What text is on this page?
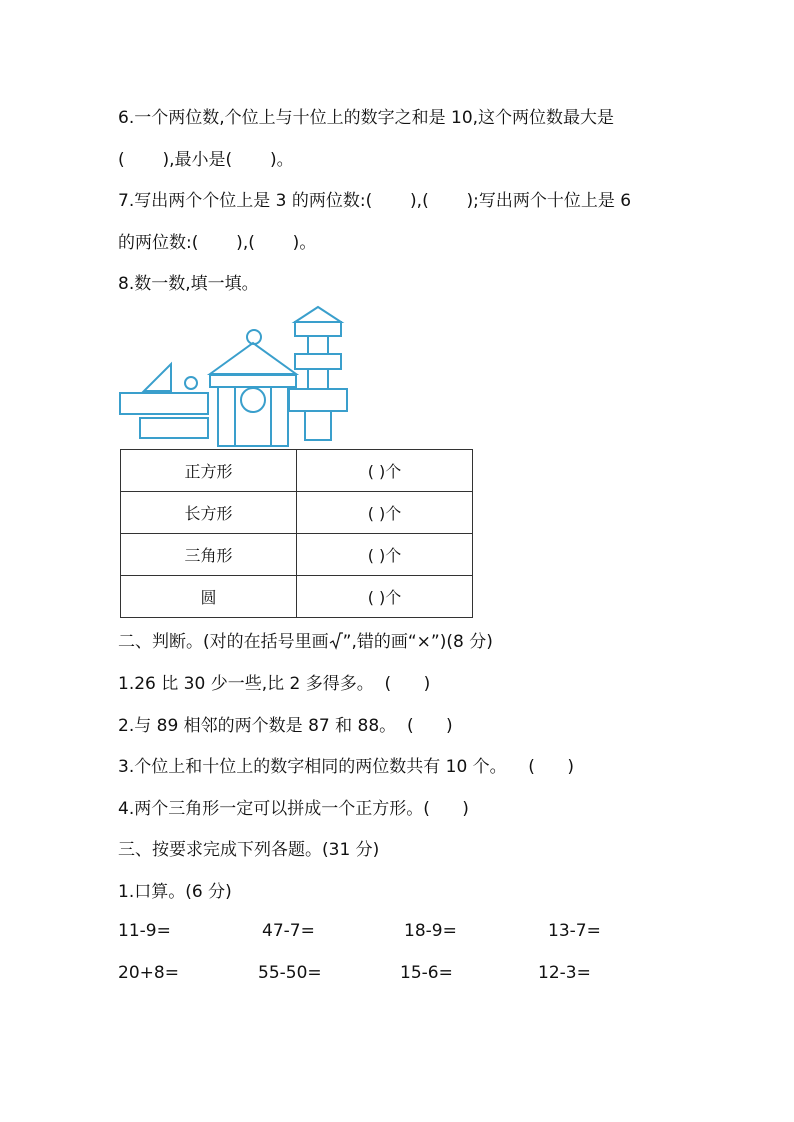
6.一个两位数,个位上与十位上的数字之和是 10,这个两位数最大是
(       ),最小是(       )。
7.写出两个个位上是 3 的两位数:(       ),(       );写出两个十位上是 6
的两位数:(       ),(       )。
8.数一数,填一填。
正方形	( )个
长方形	( )个
三角形	( )个
圆	( )个
二、判断。(对的在括号里画 ”,错的画“×”)(8 分)
1.26 比 30 少一些,比 2 多得多。  (      )
2.与 89 相邻的两个数是 87 和 88。  (      )
3.个位上和十位上的数字相同的两位数共有 10 个。    (      )
4.两个三角形一定可以拼成一个正方形。(      )
三、按要求完成下列各题。(31 分)
1.口算。(6 分)
11-9=	47-7=	18-9=	13-7=
20+8=	55-50=	15-6=	12-3=
